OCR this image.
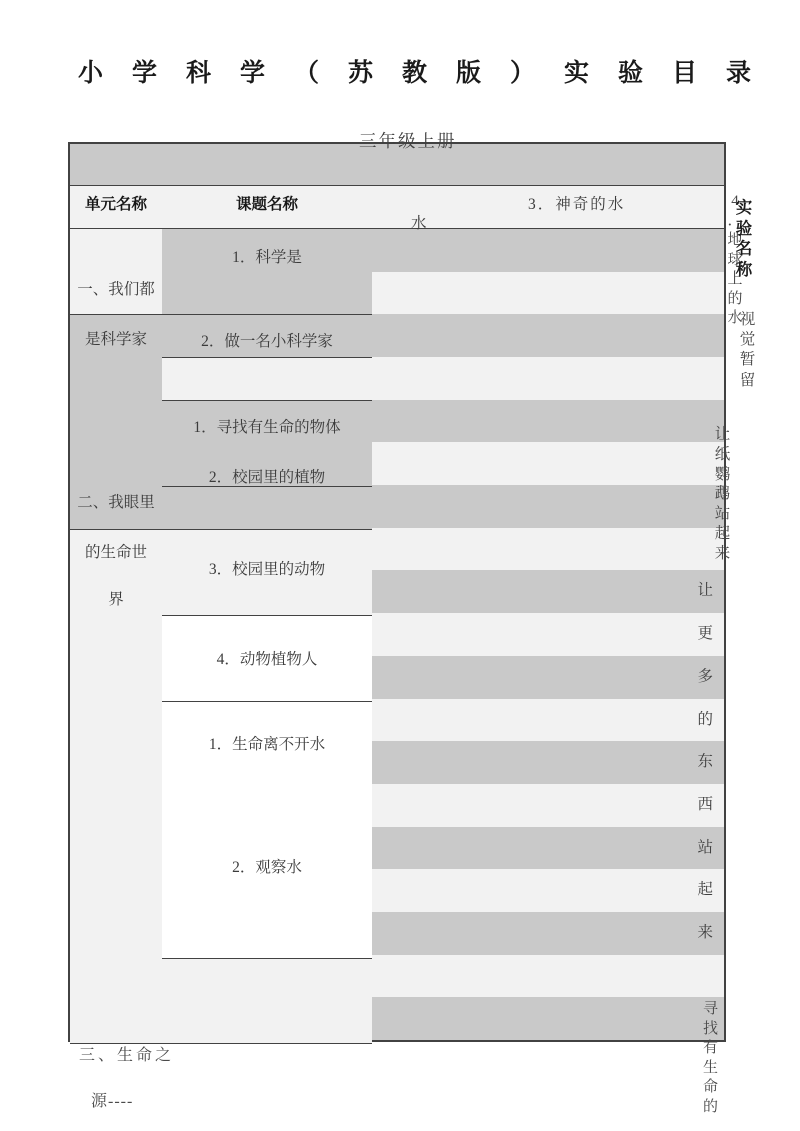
小学科学（苏教版）实验目录
三年级上册
让
更
多
的
东
西
站
起
来
单元名称	课题名称
一、我们都
是科学家
二、我眼里
的生命世
界
1．科学是
2．做一名小科学家
1．寻找有生命的物体
2．校园里的植物
3．校园里的动物
4．动物植物人
1．生命离不开水
2．观察水
3．神奇的水
水
让纸鹦鹉站起来
寻找有生命的
4．地球上的水
实验名称
视觉暂留
三、生命之
源----
